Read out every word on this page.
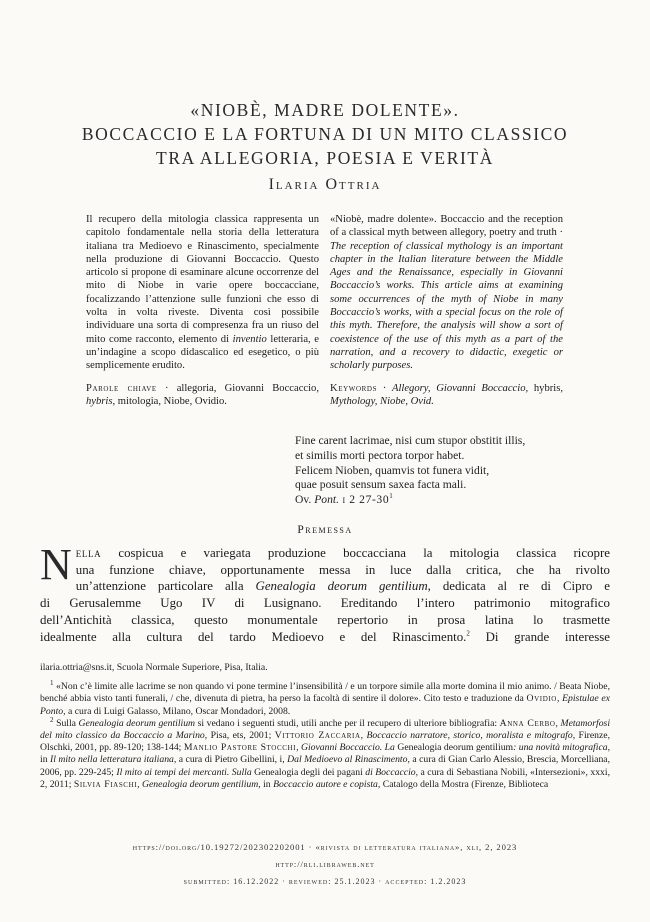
«NIOBÈ, MADRE DOLENTE».
BOCCACCIO E LA FORTUNA DI UN MITO CLASSICO
TRA ALLEGORIA, POESIA E VERITÀ
Ilaria Ottria

Il recupero della mitologia classica rappresenta un capitolo fondamentale nella storia della letteratura italiana tra Medioevo e Rinascimento, specialmente nella produzione di Giovanni Boccaccio. Questo articolo si propone di esaminare alcune occorrenze del mito di Niobe in varie opere boccacciane, focalizzando l’attenzione sulle funzioni che esso di volta in volta riveste. Diventa così possibile individuare una sorta di compresenza fra un riuso del mito come racconto, elemento di inventio letteraria, e un’indagine a scopo didascalico ed esegetico, o più semplicemente erudito.

Parole chiave · allegoria, Giovanni Boccaccio, hybris, mitologia, Niobe, Ovidio.

«Niobè, madre dolente». Boccaccio and the reception of a classical myth between allegory, poetry and truth · The reception of classical mythology is an important chapter in the Italian literature between the Middle Ages and the Renaissance, especially in Giovanni Boccaccio’s works. This article aims at examining some occurrences of the myth of Niobe in many Boccaccio’s works, with a special focus on the role of this myth. Therefore, the analysis will show a sort of coexistence of the use of this myth as a part of the narration, and a recovery to didactic, exegetic or scholarly purposes.

Keywords · Allegory, Giovanni Boccaccio, hybris, Mythology, Niobe, Ovid.

Fine carent lacrimae, nisi cum stupor obstitit illis,
et similis morti pectora torpor habet.
Felicem Nioben, quamvis tot funera vidit,
quae posuit sensum saxea facta mali.
Ov. Pont. i 2 $27-30^1$
Premessa
N ella cospicua e variegata produzione boccacciana la mitologia classica ricopre
una funzione chiave, opportunamente messa in luce dalla critica, che ha rivolto
un’attenzione particolare alla Genealogia deorum gentilium, dedicata al re di Cipro e
di Gerusalemme Ugo IV di Lusignano. Ereditando l’intero patrimonio mitografico
dell’Antichità classica, questo monumentale repertorio in prosa latina lo trasmette
idealmente alla cultura del tardo Medioevo e del Rinascimento.$^2$ Di grande interesse

ilaria.ottria@sns.it, Scuola Normale Superiore, Pisa, Italia.

$^1$ «Non c’è limite alle lacrime se non quando vi pone termine l’insensibilità / e un torpore simile alla morte domina il mio animo. / Beata Niobe, benché abbia visto tanti funerali, / che, divenuta di pietra, ha perso la facoltà di sentire il dolore». Cito testo e traduzione da Ovidio, Epistulae ex Ponto, a cura di Luigi Galasso, Milano, Oscar Mondadori, 2008.

$^2$ Sulla Genealogia deorum gentilium si vedano i seguenti studi, utili anche per il recupero di ulteriore bibliografia: Anna Cerbo, Metamorfosi del mito classico da Boccaccio a Marino, Pisa, ets, 2001; Vittorio Zaccaria, Boccaccio narratore, storico, moralista e mitografo, Firenze, Olschki, 2001, pp. 89-120; 138-144; Manlio Pastore Stocchi, Giovanni Boccaccio. La Genealogia deorum gentilium: una novità mitografica, in Il mito nella letteratura italiana, a cura di Pietro Gibellini, i, Dal Medioevo al Rinascimento, a cura di Gian Carlo Alessio, Brescia, Morcelliana, 2006, pp. 229-245; Il mito ai tempi dei mercanti. Sulla Genealogia degli dei pagani di Boccaccio, a cura di Sebastiana Nobili, «Intersezioni», xxxi, 2, 2011; Silvia Fiaschi, Genealogia deorum gentilium, in Boccaccio autore e copista, Catalogo della Mostra (Firenze, Biblioteca

https://doi.org/10.19272/202302202001 · «rivista di letteratura italiana», xli, 2, 2023
http://rli.libraweb.net
submitted: 16.12.2022 · reviewed: 25.1.2023 · accepted: 1.2.2023
